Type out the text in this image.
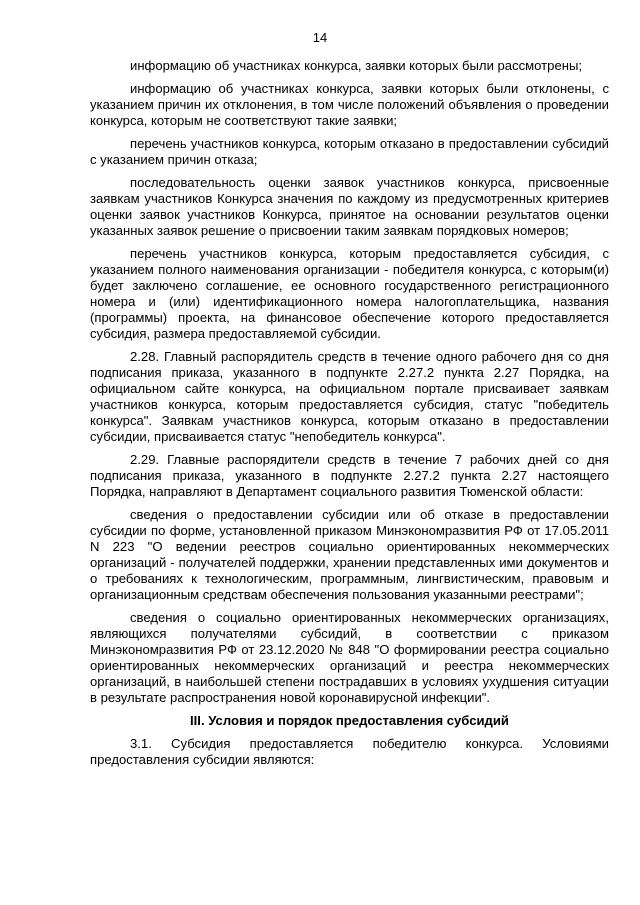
14

информацию об участниках конкурса, заявки которых были рассмотрены;

информацию об участниках конкурса, заявки которых были отклонены, с указанием причин их отклонения, в том числе положений объявления о проведении конкурса, которым не соответствуют такие заявки;

перечень участников конкурса, которым отказано в предоставлении субсидий с указанием причин отказа;

последовательность оценки заявок участников конкурса, присвоенные заявкам участников Конкурса значения по каждому из предусмотренных критериев оценки заявок участников Конкурса, принятое на основании результатов оценки указанных заявок решение о присвоении таким заявкам порядковых номеров;

перечень участников конкурса, которым предоставляется субсидия, с указанием полного наименования организации - победителя конкурса, с которым(и) будет заключено соглашение, ее основного государственного регистрационного номера и (или) идентификационного номера налогоплательщика, названия (программы) проекта, на финансовое обеспечение которого предоставляется субсидия, размера предоставляемой субсидии.

2.28. Главный распорядитель средств в течение одного рабочего дня со дня подписания приказа, указанного в подпункте 2.27.2 пункта 2.27 Порядка, на официальном сайте конкурса, на официальном портале присваивает заявкам участников конкурса, которым предоставляется субсидия, статус "победитель конкурса". Заявкам участников конкурса, которым отказано в предоставлении субсидии, присваивается статус "непобедитель конкурса".

2.29. Главные распорядители средств в течение 7 рабочих дней со дня подписания приказа, указанного в подпункте 2.27.2 пункта 2.27 настоящего Порядка, направляют в Департамент социального развития Тюменской области:

сведения о предоставлении субсидии или об отказе в предоставлении субсидии по форме, установленной приказом Минэкономразвития РФ от 17.05.2011 N 223 "О ведении реестров социально ориентированных некоммерческих организаций - получателей поддержки, хранении представленных ими документов и о требованиях к технологическим, программным, лингвистическим, правовым и организационным средствам обеспечения пользования указанными реестрами";

сведения о социально ориентированных некоммерческих организациях, являющихся получателями субсидий, в соответствии с приказом Минэкономразвития РФ от 23.12.2020 № 848 "О формировании реестра социально ориентированных некоммерческих организаций и реестра некоммерческих организаций, в наибольшей степени пострадавших в условиях ухудшения ситуации в результате распространения новой коронавирусной инфекции".

III. Условия и порядок предоставления субсидий

3.1. Субсидия предоставляется победителю конкурса. Условиями предоставления субсидии являются:
